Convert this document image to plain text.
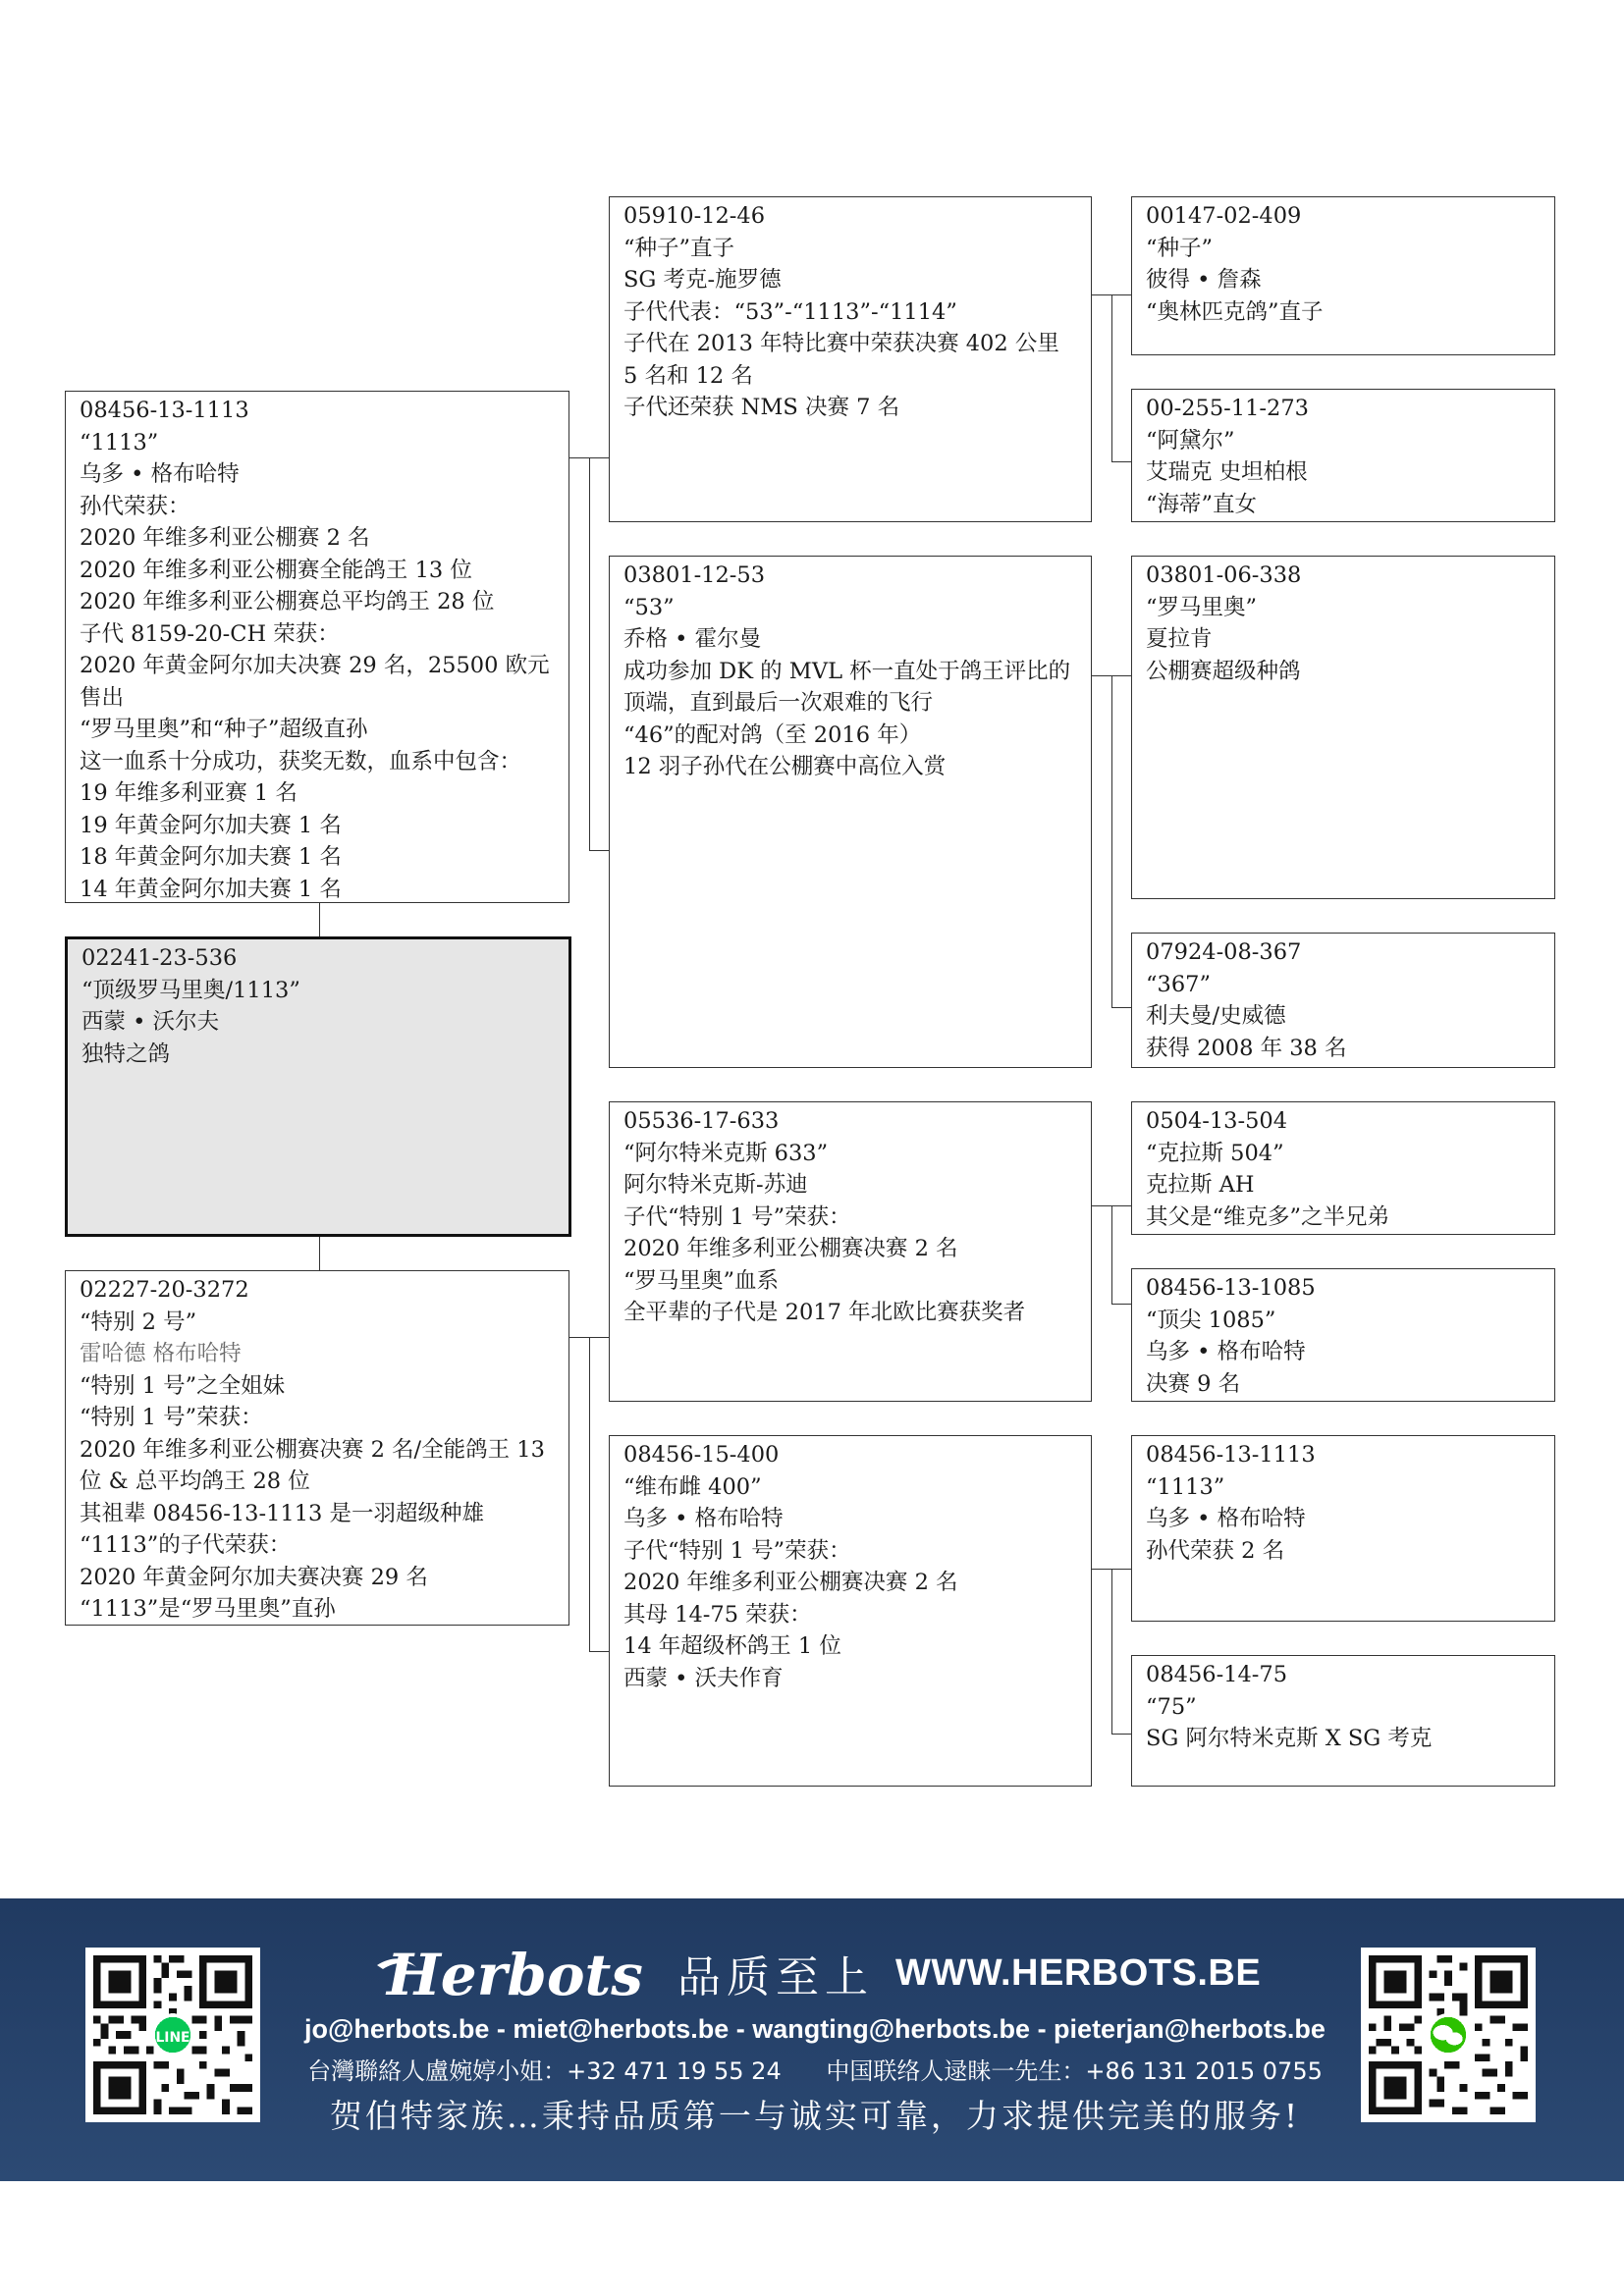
02241-23-536
“顶级罗马里奥/1113”
西蒙 • 沃尔夫
独特之鸽
08456-13-1113
“1113”
乌多 • 格布哈特
孙代荣获：
2020 年维多利亚公棚赛 2 名
2020 年维多利亚公棚赛全能鸽王 13 位
2020 年维多利亚公棚赛总平均鸽王 28 位
子代 8159-20-CH 荣获：
2020 年黄金阿尔加夫决赛 29 名，25500 欧元售出
“罗马里奥”和“种子”超级直孙
这一血系十分成功，获奖无数，血系中包含：
19 年维多利亚赛 1 名
19 年黄金阿尔加夫赛 1 名
18 年黄金阿尔加夫赛 1 名
14 年黄金阿尔加夫赛 1 名
02227-20-3272
“特别 2 号”
雷哈德 格布哈特
“特别 1 号”之全姐妹
“特别 1 号”荣获：
2020 年维多利亚公棚赛决赛 2 名/全能鸽王 13 位 & 总平均鸽王 28 位
其祖辈 08456-13-1113 是一羽超级种雄
“1113”的子代荣获：
2020 年黄金阿尔加夫赛决赛 29 名
“1113”是“罗马里奥”直孙
05910-12-46
“种子”直子
SG 考克-施罗德
子代代表：“53”-“1113”-“1114”
子代在 2013 年特比赛中荣获决赛 402 公里 5 名和 12 名
子代还荣获 NMS 决赛 7 名
03801-12-53
“53”
乔格 • 霍尔曼
成功参加 DK 的 MVL 杯一直处于鸽王评比的顶端，直到最后一次艰难的飞行
“46”的配对鸽（至 2016 年）
12 羽子孙代在公棚赛中高位入赏
05536-17-633
“阿尔特米克斯 633”
阿尔特米克斯-苏迪
子代“特别 1 号”荣获：
2020 年维多利亚公棚赛决赛 2 名
“罗马里奥”血系
全平辈的子代是 2017 年北欧比赛获奖者
08456-15-400
“维布雌 400”
乌多 • 格布哈特
子代“特别 1 号”荣获：
2020 年维多利亚公棚赛决赛 2 名
其母 14-75 荣获：
14 年超级杯鸽王 1 位
西蒙 • 沃夫作育
00147-02-409
“种子”
彼得 • 詹森
“奥林匹克鸽”直子
00-255-11-273
“阿黛尔”
艾瑞克 史坦柏根
“海蒂”直女
03801-06-338
“罗马里奥”
夏拉肯
公棚赛超级种鸽
07924-08-367
“367”
利夫曼/史威德
获得 2008 年 38 名
0504-13-504
“克拉斯 504”
克拉斯 AH
其父是“维克多”之半兄弟
08456-13-1085
“顶尖 1085”
乌多 • 格布哈特
决赛 9 名
08456-13-1113
“1113”
乌多 • 格布哈特
孙代荣获 2 名
08456-14-75
“75”
SG 阿尔特米克斯 X SG 考克
LINE
Herbots 品质至上 WWW.HERBOTS.BE
jo@herbots.be - miet@herbots.be - wangting@herbots.be - pieterjan@herbots.be
台灣聯絡人盧婉婷小姐：+32 471 19 55 24 中国联络人逯睐一先生：+86 131 2015 0755
贺伯特家族…秉持品质第一与诚实可靠，力求提供完美的服务!
